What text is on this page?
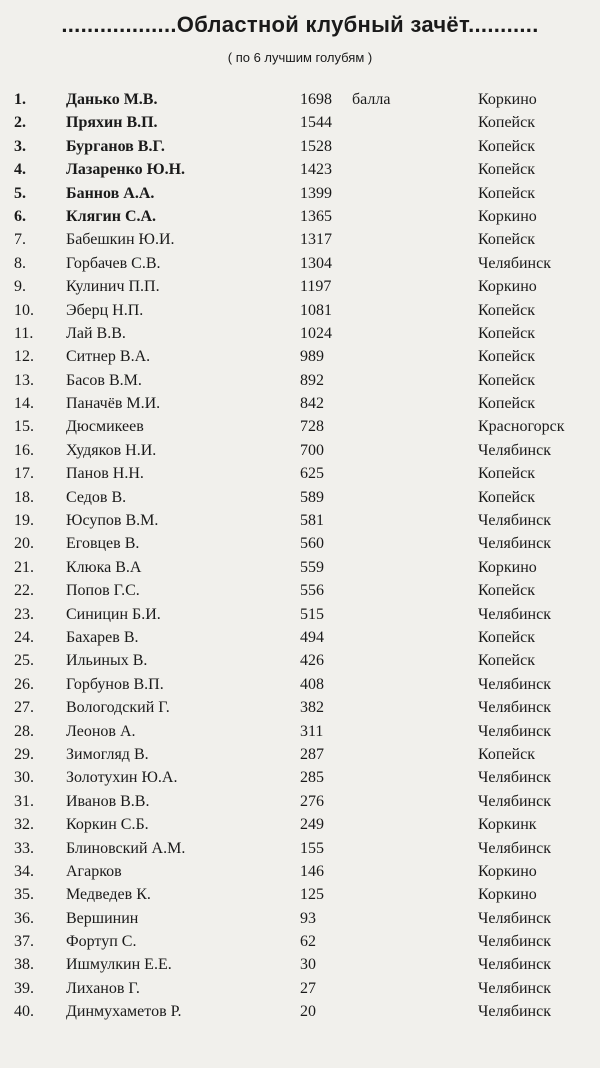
..................Областной клубный зачёт...........
( по 6 лучшим голубям )
1.	Данько М.В.	1698 балла	Коркино
2.	Пряхин В.П.	1544	Копейск
3.	Бурганов В.Г.	1528	Копейск
4.	Лазаренко Ю.Н.	1423	Копейск
5.	Баннов А.А.	1399	Копейск
6.	Клягин С.А.	1365	Коркино
7.	Бабешкин Ю.И.	1317	Копейск
8.	Горбачев С.В.	1304	Челябинск
9.	Кулинич П.П.	1197	Коркино
10. Эберц Н.П.	1081	Копейск
11. Лай В.В.	1024	Копейск
12. Ситнер В.А.	989	Копейск
13. Басов В.М.	892	Копейск
14. Паначёв М.И.	842	Копейск
15. Дюсмикеев	728	Красногорск
16. Худяков Н.И.	700	Челябинск
17. Панов Н.Н.	625	Копейск
18. Седов В.	589	Копейск
19. Юсупов В.М.	581	Челябинск
20. Еговцев В.	560	Челябинск
21. Клюка В.А	559	Коркино
22. Попов Г.С.	556	Копейск
23. Синицин Б.И.	515	Челябинск
24. Бахарев В.	494	Копейск
25. Ильиных В.	426	Копейск
26. Горбунов В.П.	408	Челябинск
27. Вологодский Г.	382	Челябинск
28. Леонов А.	311	Челябинск
29. Зимогляд В.	287	Копейск
30. Золотухин Ю.А.	285	Челябинск
31. Иванов В.В.	276	Челябинск
32. Коркин С.Б.	249	Коркинк
33. Блиновский А.М.	155	Челябинск
34. Агарков	146	Коркино
35. Медведев К.	125	Коркино
36. Вершинин	93	Челябинск
37. Фортуп С.	62	Челябинск
38. Ишмулкин Е.Е.	30	Челябинск
39. Лиханов Г.	27	Челябинск
40. Динмухаметов Р.	20	Челябинск
